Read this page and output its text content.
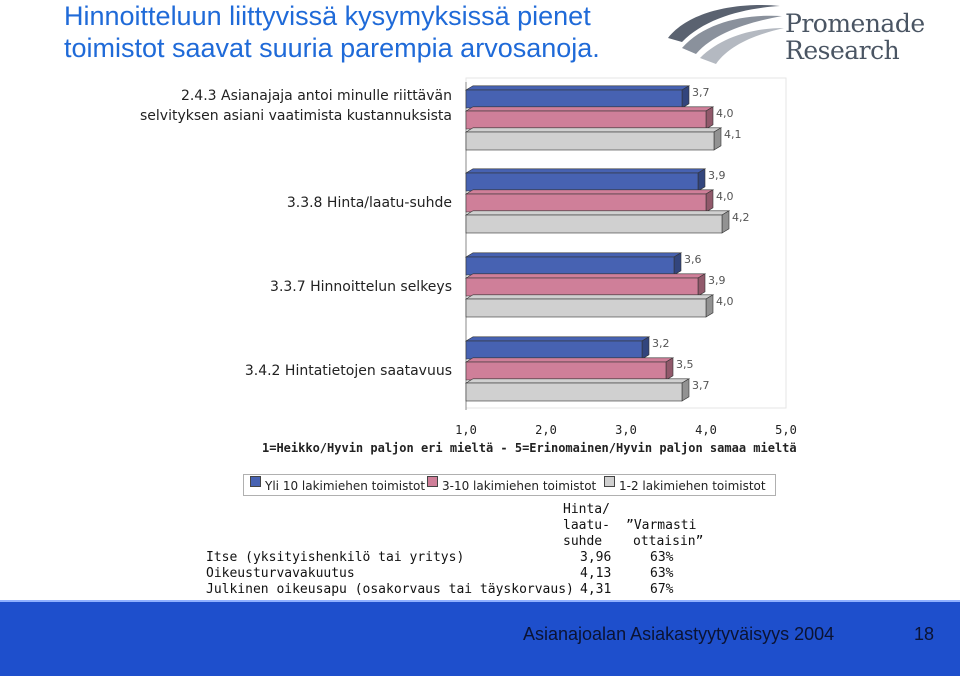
Hinnoitteluun liittyvissä kysymyksissä pienet toimistot saavat suuria parempia arvosanoja.
Promenade
Research
2.4.3 Asianajaja antoi minulle riittävän
selvityksen asiani vaatimista kustannuksista
3.3.8 Hinta/laatu-suhde
3.3.7 Hinnoittelun selkeys
3.4.2 Hintatietojen saatavuus
3,7
4,0
4,1
3,9
4,0
4,2
3,6
3,9
4,0
3,2
3,5
3,7
1,0	2,0	3,0	4,0	5,0
1=Heikko/Hyvin paljon eri mieltä - 5=Erinomainen/Hyvin paljon samaa mieltä
Yli 10 lakimiehen toimistot 3-10 lakimiehen toimistot 1-2 lakimiehen toimistot
Hinta/
laatu-
suhde
”Varmasti
ottaisin”
Itse (yksityishenkilö tai yritys)	3,96	63%
Oikeusturvavakuutus	4,13	63%
Julkinen oikeusapu (osakorvaus tai täyskorvaus) 4,31	67%
Asianajoalan Asiakastyytyväisyys 2004	18
